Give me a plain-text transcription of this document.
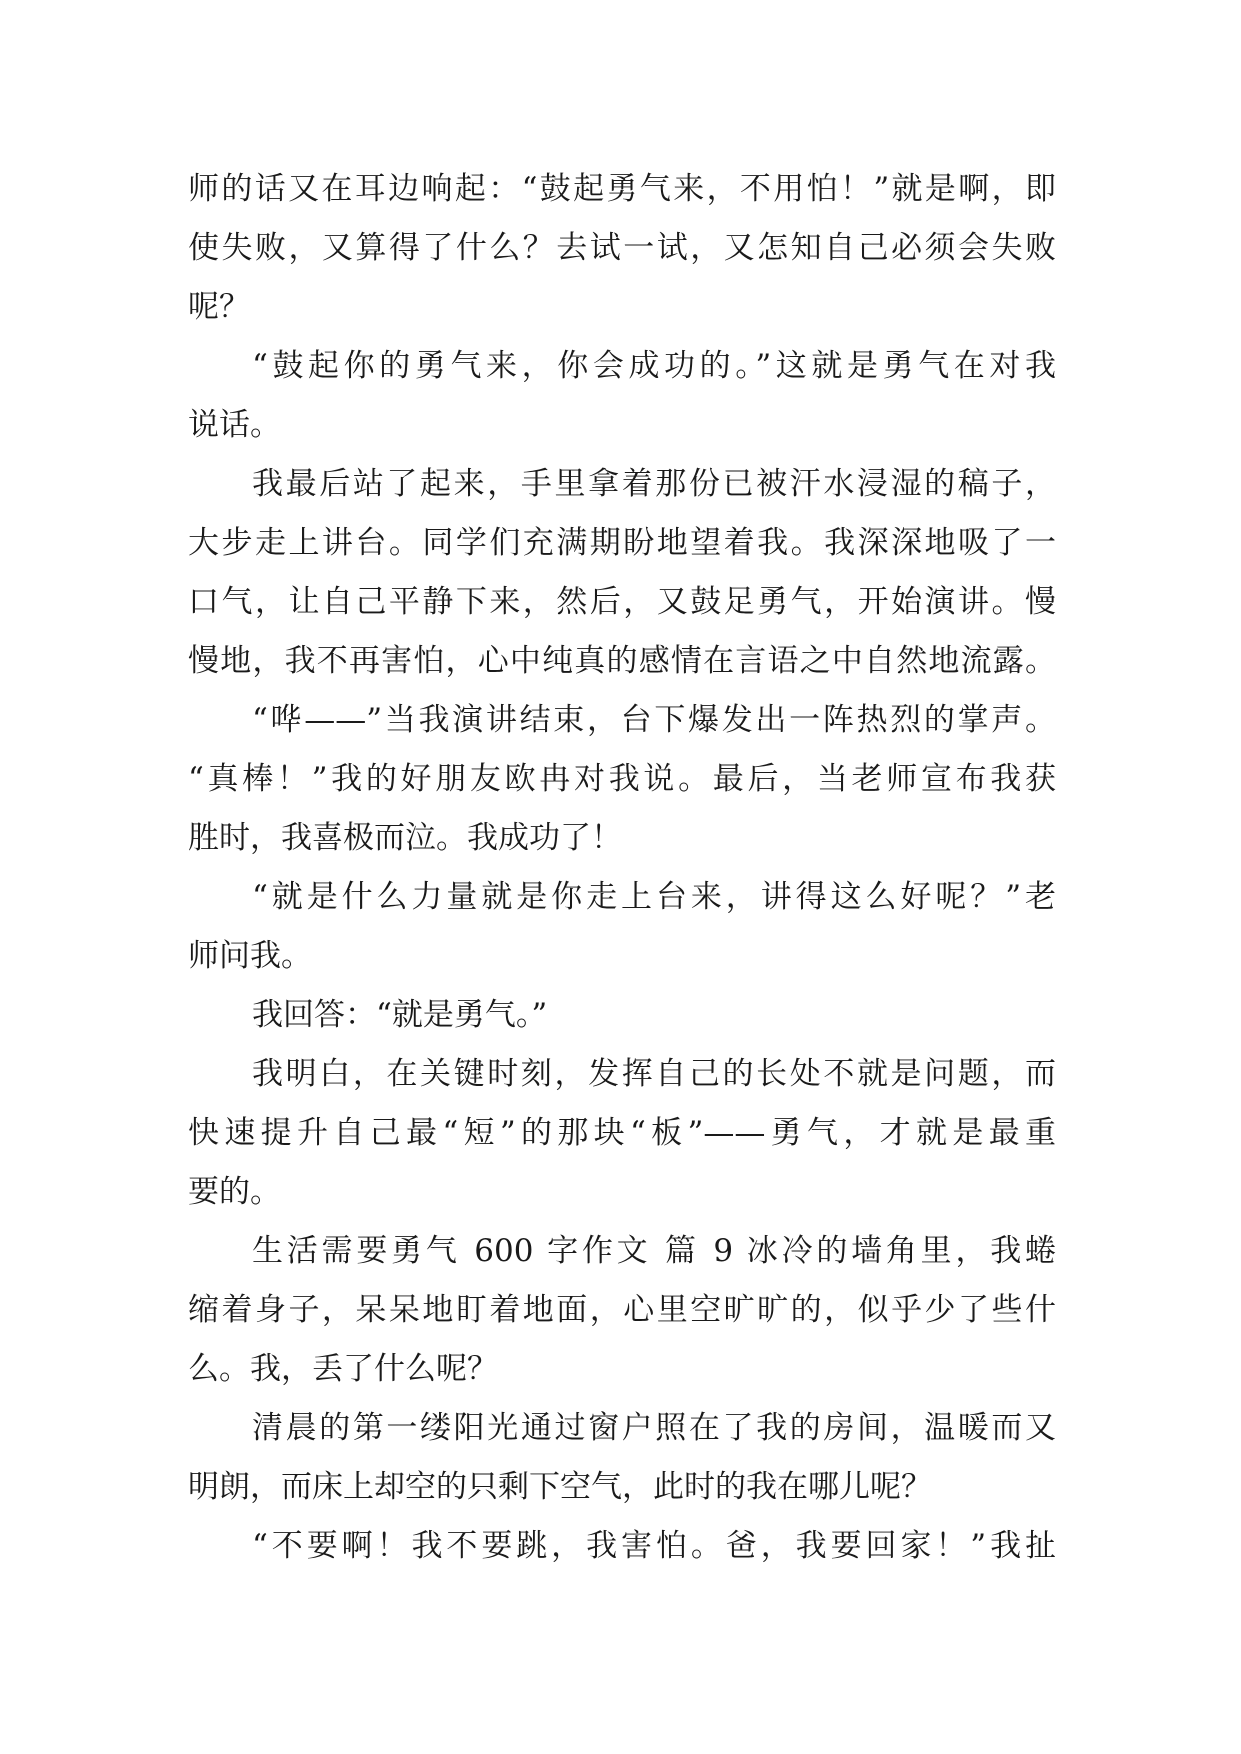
师的话又在耳边响起：“鼓起勇气来，不用怕！”就是啊，即
使失败，又算得了什么？去试一试，又怎知自己必须会失败
呢？
“鼓起你的勇气来，你会成功的。”这就是勇气在对我
说话。
我最后站了起来，手里拿着那份已被汗水浸湿的稿子，
大步走上讲台。同学们充满期盼地望着我。我深深地吸了一
口气，让自己平静下来，然后，又鼓足勇气，开始演讲。慢
慢地，我不再害怕，心中纯真的感情在言语之中自然地流露。
“哗——”当我演讲结束，台下爆发出一阵热烈的掌声。
“真棒！”我的好朋友欧冉对我说。最后，当老师宣布我获
胜时，我喜极而泣。我成功了！
“就是什么力量就是你走上台来，讲得这么好呢？”老
师问我。
我回答：“就是勇气。”
我明白，在关键时刻，发挥自己的长处不就是问题，而
快速提升自己最“短”的那块“板”——勇气，才就是最重
要的。
生活需要勇气 600 字作文 篇 9 冰冷的墙角里，我蜷
缩着身子，呆呆地盯着地面，心里空旷旷的，似乎少了些什
么。我，丢了什么呢？
清晨的第一缕阳光通过窗户照在了我的房间，温暖而又
明朗，而床上却空的只剩下空气，此时的我在哪儿呢？
“不要啊！我不要跳，我害怕。爸，我要回家！”我扯
